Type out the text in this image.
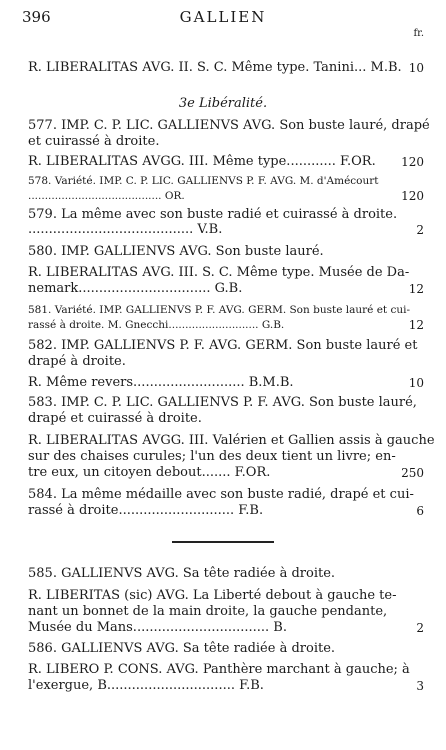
396	GALLIEN
fr.
R. LIBERALITAS AVG. II. S. C. Même type. Tanini... M.B. 10
3e Libéralité.
577. IMP. C. P. LIC. GALLIENVS AVG. Son buste lauré, drapé
et cuirassé à droite.
R. LIBERALITAS AVGG. III. Même type............ F.OR. 120
578. Variété. IMP. C. P. LIC. GALLIENVS P. F. AVG. M. d'Amécourt
........................................ OR.	120
579. La même avec son buste radié et cuirassé à droite.
........................................ V.B.	2
580. IMP. GALLIENVS AVG. Son buste lauré.
R. LIBERALITAS AVG. III. S. C. Même type. Musée de Da-
nemark................................ G.B.	12
581. Variété. IMP. GALLIENVS P. F. AVG. GERM. Son buste lauré et cui-
rassé à droite. M. Gnecchi........................... G.B.	12
582. IMP. GALLIENVS P. F. AVG. GERM. Son buste lauré et
drapé à droite.
R. Même revers........................... B.M.B.	10
583. IMP. C. P. LIC. GALLIENVS P. F. AVG. Son buste lauré,
drapé et cuirassé à droite.
R. LIBERALITAS AVGG. III. Valérien et Gallien assis à gauche
sur des chaises curules; l'un des deux tient un livre; en-
tre eux, un citoyen debout....... F.OR.	250
584. La même médaille avec son buste radié, drapé et cui-
rassé à droite............................ F.B.	6
585. GALLIENVS AVG. Sa tête radiée à droite.
R. LIBERITAS (sic) AVG. La Liberté debout à gauche te-
nant un bonnet de la main droite, la gauche pendante,
Musée du Mans................................. B.	2
586. GALLIENVS AVG. Sa tête radiée à droite.
R. LIBERO P. CONS. AVG. Panthère marchant à gauche; à
l'exergue, B............................... F.B.	3
